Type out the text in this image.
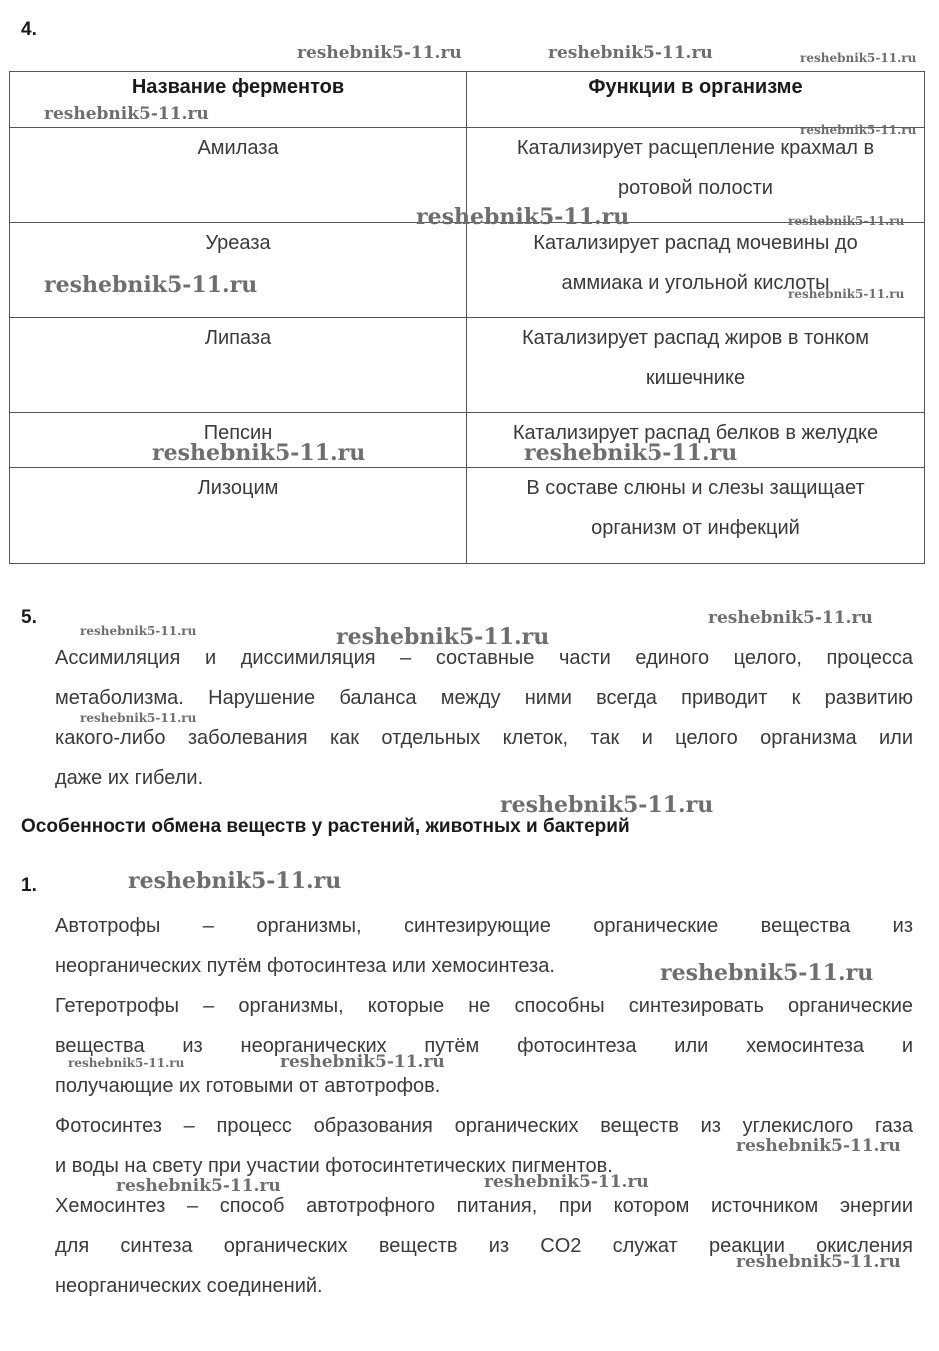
4.
Название ферментов	Функции в организме
Амилаза	Катализирует расщепление крахмал в
ротовой полости
Уреаза	Катализирует распад мочевины до
аммиака и угольной кислоты
Липаза	Катализирует распад жиров в тонком
кишечнике
Пепсин	Катализирует распад белков в желудке
Лизоцим	В составе слюны и слезы защищает
организм от инфекций
5.
Ассимиляция и диссимиляция – составные части единого целого, процесса
метаболизма. Нарушение баланса между ними всегда приводит к развитию
какого-либо заболевания как отдельных клеток, так и целого организма или
даже их гибели.
Особенности обмена веществ у растений, животных и бактерий
1.
Автотрофы – организмы, синтезирующие органические вещества из
неорганических путём фотосинтеза или хемосинтеза.
Гетеротрофы – организмы, которые не способны синтезировать органические
вещества из неорганических путём фотосинтеза или хемосинтеза и
получающие их готовыми от автотрофов.
Фотосинтез – процесс образования органических веществ из углекислого газа
и воды на свету при участии фотосинтетических пигментов.
Хемосинтез – способ автотрофного питания, при котором источником энергии
для синтеза органических веществ из CO2 служат реакции окисления
неорганических соединений.
reshebnik5-11.ru	reshebnik5-11.ru	reshebnik5-11.ru
reshebnik5-11.ru
reshebnik5-11.ru
reshebnik5-11.ru	reshebnik5-11.ru
reshebnik5-11.ru	reshebnik5-11.ru
reshebnik5-11.ru	reshebnik5-11.ru
reshebnik5-11.ru
reshebnik5-11.ru	reshebnik5-11.ru
reshebnik5-11.ru
reshebnik5-11.ru
reshebnik5-11.ru
reshebnik5-11.ru
reshebnik5-11.ru	reshebnik5-11.ru
reshebnik5-11.ru
reshebnik5-11.ru	reshebnik5-11.ru
reshebnik5-11.ru
